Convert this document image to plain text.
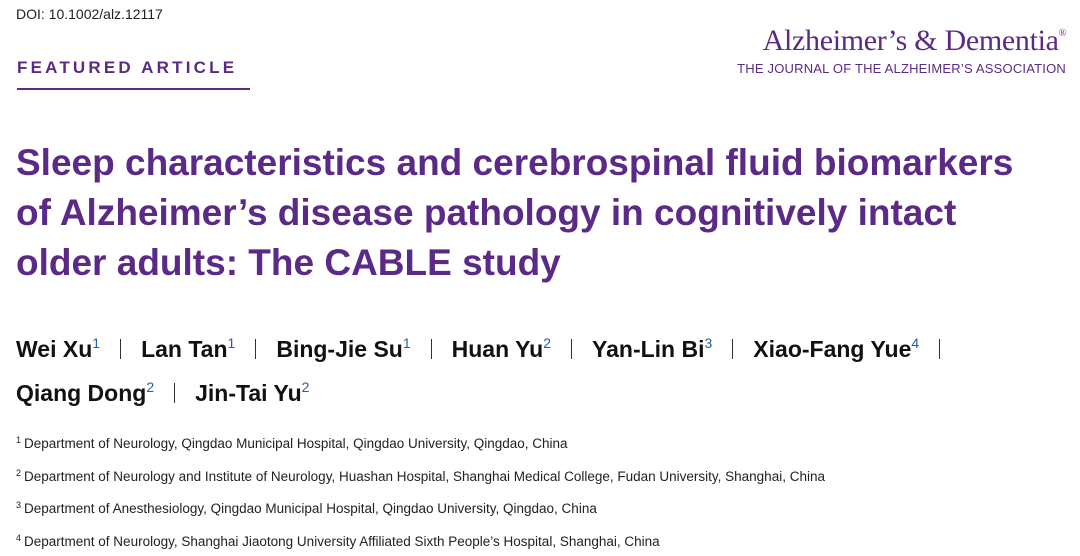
DOI: 10.1002/alz.12117
FEATURED ARTICLE
Alzheimer’s & Dementia®
THE JOURNAL OF THE ALZHEIMER’S ASSOCIATION
Sleep characteristics and cerebrospinal fluid biomarkers of Alzheimer’s disease pathology in cognitively intact older adults: The CABLE study
Wei Xu$^1$ Lan Tan$^1$ Bing-Jie Su$^1$ Huan Yu$^2$ Yan-Lin Bi$^3$ Xiao-Fang Yue$^4$
Qiang Dong$^2$ Jin-Tai Yu$^2$
$^1$ Department of Neurology, Qingdao Municipal Hospital, Qingdao University, Qingdao, China
$^2$ Department of Neurology and Institute of Neurology, Huashan Hospital, Shanghai Medical College, Fudan University, Shanghai, China
$^3$ Department of Anesthesiology, Qingdao Municipal Hospital, Qingdao University, Qingdao, China
$^4$ Department of Neurology, Shanghai Jiaotong University Affiliated Sixth People’s Hospital, Shanghai, China
